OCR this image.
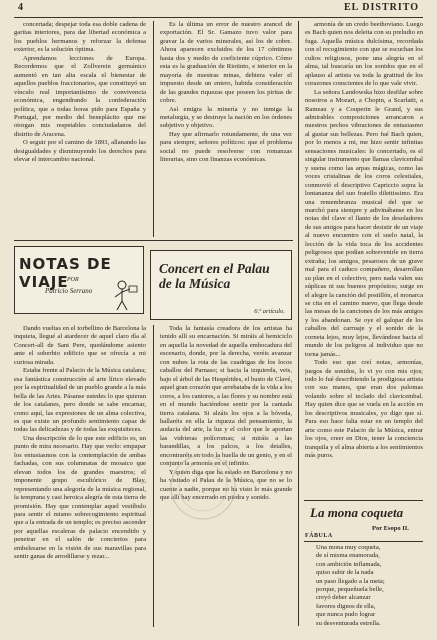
4	EL DISTRITO

concertada; despejar toda esa doble cadena de garitas interiores, para dar libertad económica a los pueblos hermanos y reforzar la defensa exterior, es la solución óptima.

Aprendamos lecciones de Europa. Recordemos que el Zollverein germánico aumentó en tan alta escala el bienestar de aquellos pueblos fraccionarios, que constituyó un vínculo real importantísimo de convivencia económica, engendrando la confederación política, que a todas horas pido para España y Portugal, por medio del beneplácito que me otorgan mis respetables conciudadanos del distrito de Aracena.

O seguir por el camino de 1893, allanando las desigualdades y disminuyendo los derechos para elevar el intercambio nacional.

Es la última un error de nuestro arancel de exportación. El Sr. Gamazo tuvo valor para gravar la de varios minerales, así los de cobre. Ahora aparecen excluidos de los 17 céntimos hasta dos y medio de coeficiente cúprico. Cómo esta es la graduación de Riotinto, e interior en la mayoría de nuestras minas, debiera valer el impuesto desde un entero, habida consideración de las grandes riquezas que poseen los piritas de cobre.

Así emigra la minería y no inmiga la metalurgia, y se destruye la nación en los órdenes subjetivo y objetivo.

Hay que afirmarlo rotundamente, de una vez para siempre, señores políticos: que el problema social no puede resolverse con romanzas literarias, sino con finanzas económicas.

armonía de un credo beethoviano. Luego es Bach quien nos deleita con su preludio en fuga. Aquella música dulcísima, recordada con el recogimiento con que se escuchan los cultos religiosos, pone una alegría en el alma, tal buscaría un los sonidos que en el aplauso al artista va toda la gratitud de los corazones conscientes de lo que vale vivir.

La señora Landowska hizo desfilar sobre nosotros a Mozart, a Chopin, a Scarlatti, a Rameau y a Couperin le Grand, y sus admirables composiciones arrancaron a nuestros pechos vibraciones de entusiasmo al gustar sus bellezas. Pero fué Bach quien, por lo menos a mi, me hizo sentir infinitas sensaciones musicales: lo concertado, es el singular instrumento que llamas clavicembal y suena como las arpas mágicas, como las voces cristalinas de los coros celestiales, conmovió el descriptivo Capriccio sopra la lontananza del suo fratello dilettissimo. Era una remembranza musical del que se marchó para siempre y adivinábanse en los notas del clave el llanto de los desoladores de sus amigos para hacer desistir de un viaje al nuevo encuentro con el suelo natal, la lección de la vida toca de los accidentes peligrosos que podían sobrevenirle en tierra extraña; los amigos, pesarosos de un grave mal para el caduco compañero, desarrollan su plan en el colectivo, pero nada valen sus súplicas ni sus buenos propósitos; surge en el alegre la canción del postillón, el monarca se cita en el camino nuevo, que llega desde las mesas de la canciones de los más amigos y los abandonan. Se oye el galopar de los caballos del carruaje y el sonido de la corneta lejos, muy lejos, llevándose hacia el mundo de los peligros al individuo que no torna jamás...

Todo eso que creí notas, armonías, juegos de sonidos, lo vi yo con mis ojos; todo lo fué describiendo la prodigiosa artista con sus manos, que eran dos palomas volando sobre el teclado del clavicembal. Hay quien dice que se vuela en la acción en los descriptivos musicales, yo digo que sí. Para eso hace falta estar en un templo del arte como este Palacio de la Música, entrar los ojos, creer en Dios, tener la conciencia tranquila y el alma abierta a los sentimientos más puros.

NOTAS DE VIAJE
POR
Patricio Serrano
Concert en el Palau de la Música
6.º artículo.

Dando vueltas en el torbellino de Barcelona la inquieta, llegué al atardecer de aquel claro día al Concert-all de Sant Pere, quedándome asiento ante el soberbio edificio que se ofrecía a mi curiosa mirada.

Estaba frente al Palacio de la Música catalana; esa fantástica construcción al arte lírico elevado por la espiritualidad de un pueblo grande a la más bella de las Artes. Pásanse ustedes lo que quieran de los catalanes, pero donde se sabe encarnar, como aquí, las expresiones de un alma colectiva, es que existe un profundo sentimiento capaz de todas las delicadezas y de todas las exquisiteces.

Una descripción de lo que este edificio es, un punto de mira necesario. Hay que verlo: empapar los entusiasmos con la contemplación de ambas fachadas, con sus columnatas de mosaico que elevan todos los de grandes maestros; el imponente grupo escultórico de Blay, representando una alegoría de la música regional, la temprana y casi heroica alegría de esta tierra de promisión. Hay que contemplar aquel vestíbulo para sentir el mismo sobrecogimiento espiritual que a la entrada de un templo; es preciso ascender por aquellas escaleras de palacio encendido y penetrar en el salón de conciertos para embelesarse en la visión de sus maravillas para sentir ganas de arrodillarse y rezar...

Toda la fantasía creadora de los artistas ha tenido allí su encarnación. Si miráis al hemiciclo en aquella la novedad de aquella embocadura del escenario, donde, por la derecha, veréis avanzar con nubes la rota de las cuadrigas de los locos caballos del Parnaso; si hacia la izquierda, veis, bajo el árbol de las Hespérides, el busto de Clavé, aquel gran corazón que arrebataba de la vida a los coros, a los cantores, a las flores y su nombre está en el mundo haciéndose sentir por la cantada tierra catalana. Si alzáis los ojos a la bóveda, hallaréis en ella la riqueza del pensamiento, la audacia del arte, la luz y el color que le aportan las vidrieras polícromas; si miráis a las barandillas, a los palcos, a los detalles, encontraréis en todo la huella de un genio, y en el conjunto la armonía en el infinito.

Y quien diga que ha estado en Barcelona y no ha visitado el Palau de la Música, que no se lo cuente a nadie, porque no ha visto lo más grande que allí hay encerrado en piedra y sonido.

La mona coqueta
Por Esopo II.
FÁBULA
Una mona muy coqueta,
de sí misma enamorada,
con ambición inflamada,
quiso subir de la nada
un paso llegado a la meta;
porque, pequeñuela belle,
creyó deber alcanzar
favores dignos de ella,
que nunca pudo lograr
su desventurada estrella.
